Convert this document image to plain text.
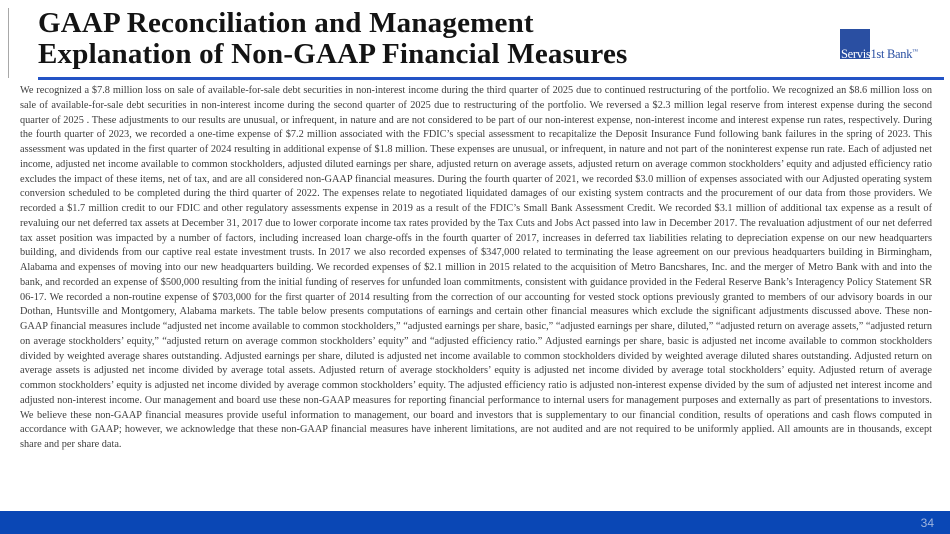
GAAP Reconciliation and Management
Explanation of Non-GAAP Financial Measures	Servis1st Bank™

We recognized a $7.8 million loss on sale of available-for-sale debt securities in non-interest income during the third quarter of 2025 due to continued restructuring of the portfolio. We recognized an $8.6 million loss on sale of available-for-sale debt securities in non-interest income during the second quarter of 2025 due to restructuring of the portfolio. We reversed a $2.3 million legal reserve from interest expense during the second quarter of 2025 . These adjustments to our results are unusual, or infrequent, in nature and are not considered to be part of our non-interest expense, non-interest income and interest expense run rates, respectively. During the fourth quarter of 2023, we recorded a one-time expense of $7.2 million associated with the FDIC’s special assessment to recapitalize the Deposit Insurance Fund following bank failures in the spring of 2023. This assessment was updated in the first quarter of 2024 resulting in additional expense of $1.8 million. These expenses are unusual, or infrequent, in nature and not part of the noninterest expense run rate. Each of adjusted net income, adjusted net income available to common stockholders, adjusted diluted earnings per share, adjusted return on average assets, adjusted return on average common stockholders’ equity and adjusted efficiency ratio excludes the impact of these items, net of tax, and are all considered non-GAAP financial measures. During the fourth quarter of 2021, we recorded $3.0 million of expenses associated with our Adjusted operating system conversion scheduled to be completed during the third quarter of 2022. The expenses relate to negotiated liquidated damages of our existing system contracts and the procurement of our data from those providers. We recorded a $1.7 million credit to our FDIC and other regulatory assessments expense in 2019 as a result of the FDIC’s Small Bank Assessment Credit. We recorded $3.1 million of additional tax expense as a result of revaluing our net deferred tax assets at December 31, 2017 due to lower corporate income tax rates provided by the Tax Cuts and Jobs Act passed into law in December 2017. The revaluation adjustment of our net deferred tax asset position was impacted by a number of factors, including increased loan charge-offs in the fourth quarter of 2017, increases in deferred tax liabilities relating to depreciation expense on our new headquarters building, and dividends from our captive real estate investment trusts. In 2017 we also recorded expenses of $347,000 related to terminating the lease agreement on our previous headquarters building in Birmingham, Alabama and expenses of moving into our new headquarters building. We recorded expenses of $2.1 million in 2015 related to the acquisition of Metro Bancshares, Inc. and the merger of Metro Bank with and into the bank, and recorded an expense of $500,000 resulting from the initial funding of reserves for unfunded loan commitments, consistent with guidance provided in the Federal Reserve Bank’s Interagency Policy Statement SR 06-17. We recorded a non-routine expense of $703,000 for the first quarter of 2014 resulting from the correction of our accounting for vested stock options previously granted to members of our advisory boards in our Dothan, Huntsville and Montgomery, Alabama markets. The table below presents computations of earnings and certain other financial measures which exclude the significant adjustments discussed above. These non-GAAP financial measures include “adjusted net income available to common stockholders,” “adjusted earnings per share, basic,” “adjusted earnings per share, diluted,” “adjusted return on average assets,” “adjusted return on average stockholders’ equity,” “adjusted return on average common stockholders’ equity” and “adjusted efficiency ratio.” Adjusted earnings per share, basic is adjusted net income available to common stockholders divided by weighted average shares outstanding. Adjusted earnings per share, diluted is adjusted net income available to common stockholders divided by weighted average diluted shares outstanding. Adjusted return on average assets is adjusted net income divided by average total assets. Adjusted return of average stockholders’ equity is adjusted net income divided by average total stockholders’ equity. Adjusted return of average common stockholders’ equity is adjusted net income divided by average common stockholders’ equity. The adjusted efficiency ratio is adjusted non-interest expense divided by the sum of adjusted net interest income and adjusted non-interest income. Our management and board use these non-GAAP measures for reporting financial performance to internal users for management purposes and externally as part of presentations to investors. We believe these non-GAAP financial measures provide useful information to management, our board and investors that is supplementary to our financial condition, results of operations and cash flows computed in accordance with GAAP; however, we acknowledge that these non-GAAP financial measures have inherent limitations, are not audited and are not required to be uniformly applied. All amounts are in thousands, except share and per share data.

34
